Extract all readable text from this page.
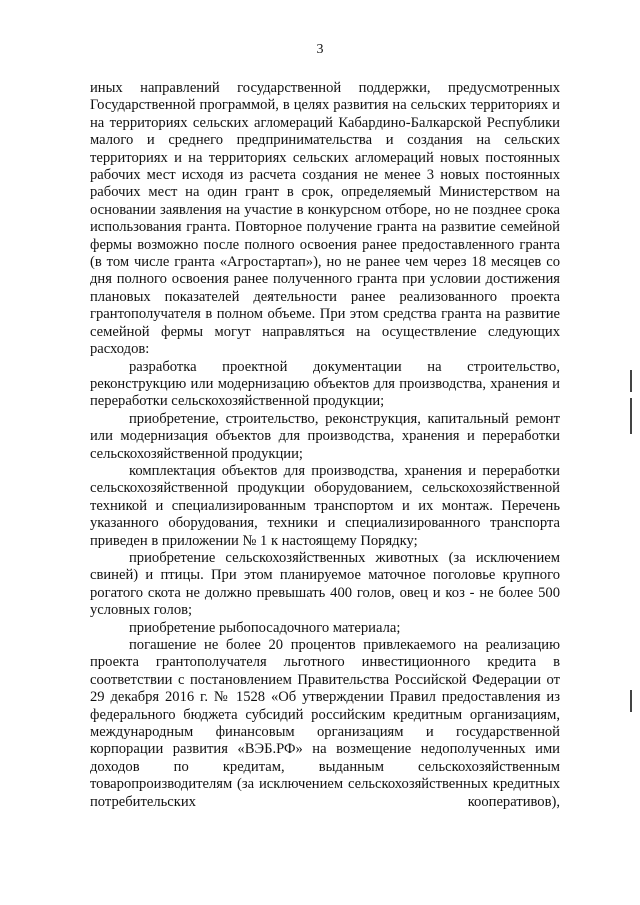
3

иных направлений государственной поддержки, предусмотренных Государственной программой, в целях развития на сельских территориях и на территориях сельских агломераций Кабардино-Балкарской Республики малого и среднего предпринимательства и создания на сельских территориях и на территориях сельских агломераций новых постоянных рабочих мест исходя из расчета создания не менее 3 новых постоянных рабочих мест на один грант в срок, определяемый Министерством на основании заявления на участие в конкурсном отборе, но не позднее срока использования гранта. Повторное получение гранта на развитие семейной фермы возможно после полного освоения ранее предоставленного гранта (в том числе гранта «Агростартап»), но не ранее чем через 18 месяцев со дня полного освоения ранее полученного гранта при условии достижения плановых показателей деятельности ранее реализованного проекта грантополучателя в полном объеме. При этом средства гранта на развитие семейной фермы могут направляться на осуществление следующих расходов:

разработка проектной документации на строительство, реконструкцию или модернизацию объектов для производства, хранения и переработки сельскохозяйственной продукции;

приобретение, строительство, реконструкция, капитальный ремонт или модернизация объектов для производства, хранения и переработки сельскохозяйственной продукции;

комплектация объектов для производства, хранения и переработки сельскохозяйственной продукции оборудованием, сельскохозяйственной техникой и специализированным транспортом и их монтаж. Перечень указанного оборудования, техники и специализированного транспорта приведен в приложении № 1 к настоящему Порядку;

приобретение сельскохозяйственных животных (за исключением свиней) и птицы. При этом планируемое маточное поголовье крупного рогатого скота не должно превышать 400 голов, овец и коз - не более 500 условных голов;

приобретение рыбопосадочного материала;

погашение не более 20 процентов привлекаемого на реализацию проекта грантополучателя льготного инвестиционного кредита в соответствии с постановлением Правительства Российской Федерации от 29 декабря 2016 г. № 1528 «Об утверждении Правил предоставления из федерального бюджета субсидий российским кредитным организациям, международным финансовым организациям и государственной корпорации развития «ВЭБ.РФ» на возмещение недополученных ими доходов по кредитам, выданным сельскохозяйственным товаропроизводителям (за исключением сельскохозяйственных кредитных потребительских кооперативов),
